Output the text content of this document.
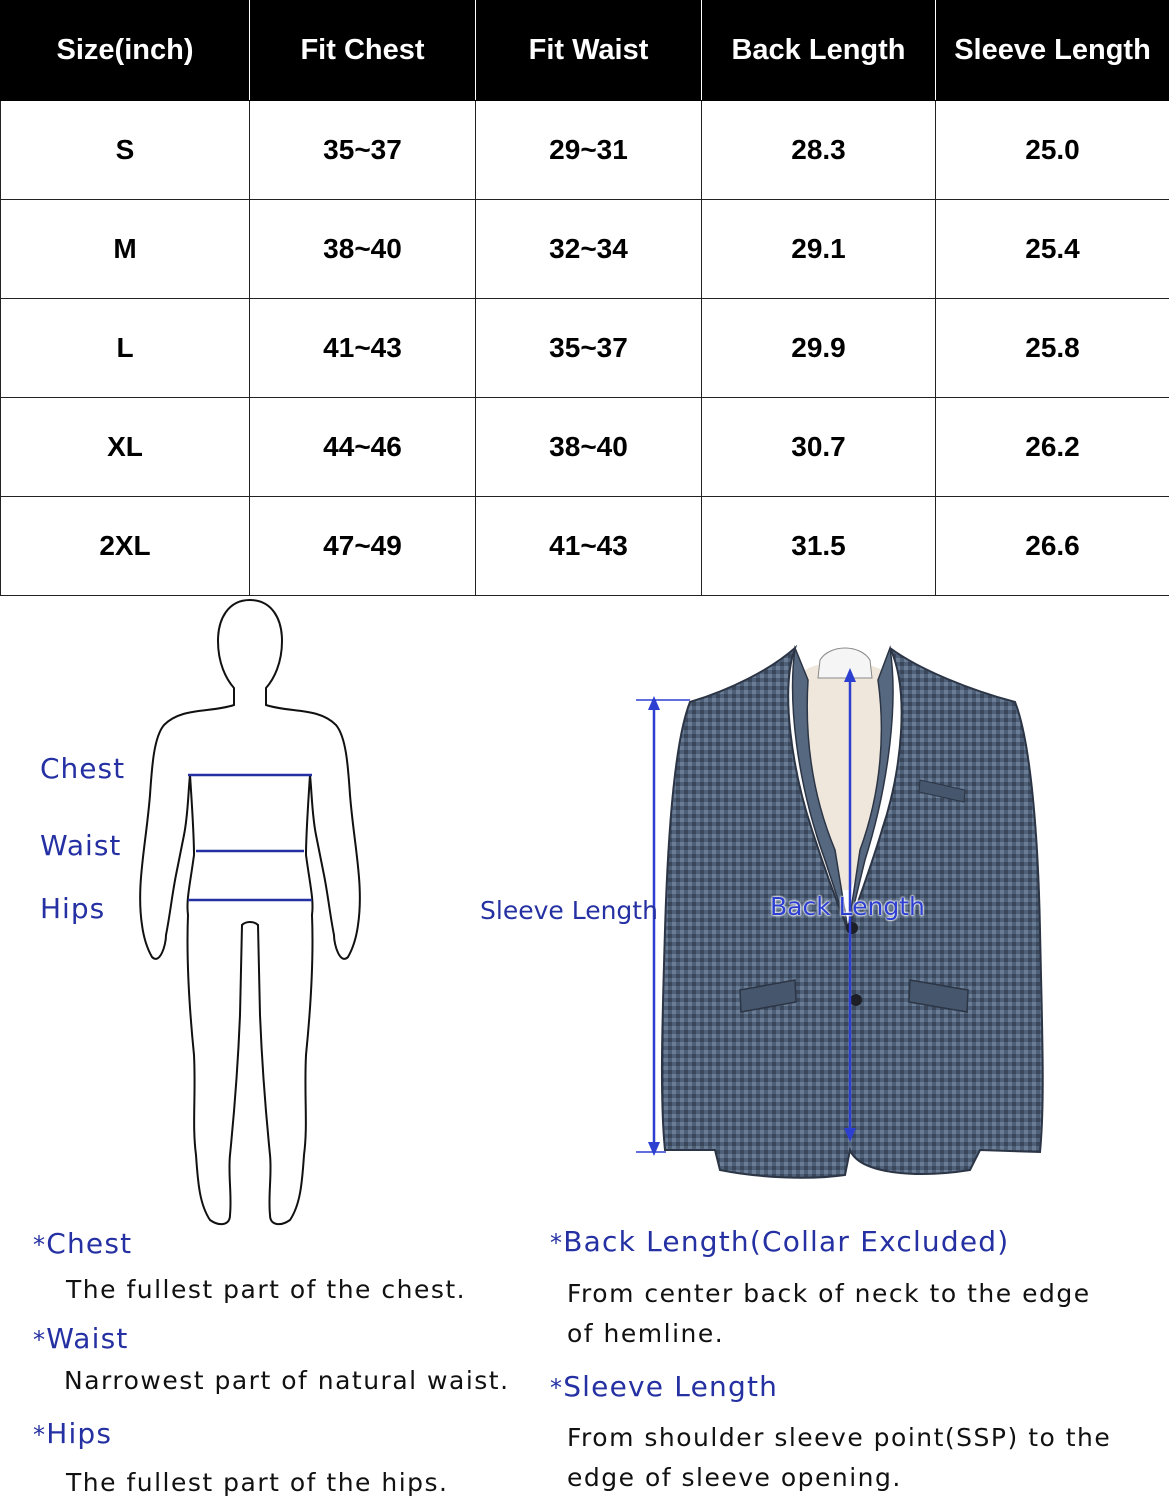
Size(inch)	Fit Chest	Fit Waist	Back Length	Sleeve Length
S	35~37	29~31	28.3	25.0
M	38~40	32~34	29.1	25.4
L	41~43	35~37	29.9	25.8
XL	44~46	38~40	30.7	26.2
2XL	47~49	41~43	31.5	26.6
Chest
Waist
Hips	Sleeve Length	Back Length
*Chest
The fullest part of the chest.
*Waist
Narrowest part of natural waist.
*Hips
The fullest part of the hips.
*Back Length(Collar Excluded)
From center back of neck to the edge
of hemline.
*Sleeve Length
From shoulder sleeve point(SSP) to the
edge of sleeve opening.
